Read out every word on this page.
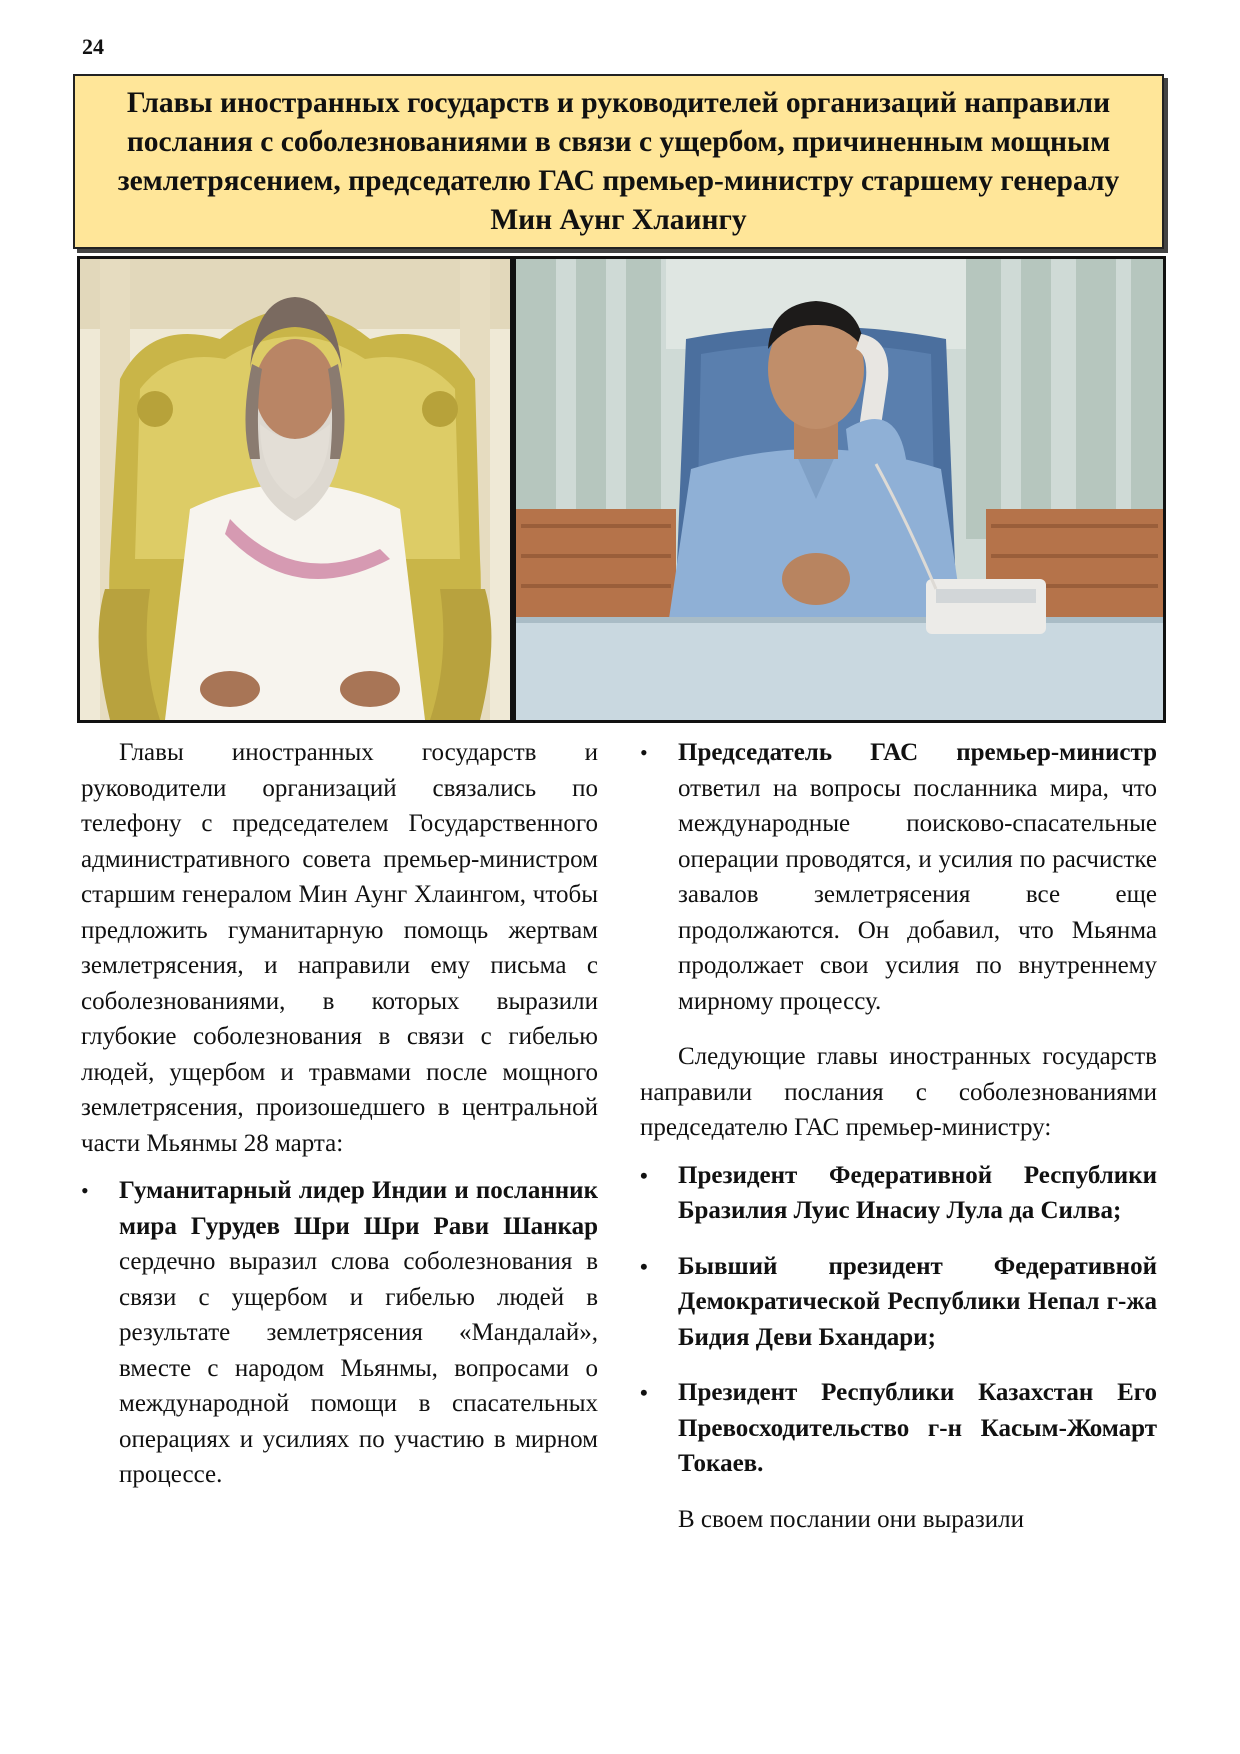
24
Главы иностранных государств и руководителей организаций направили послания с соболезнованиями в связи с ущербом, причиненным мощным землетрясением, председателю ГАС премьер-министру старшему генералу Мин Аунг Хлаингу

Главы иностранных государств и руководители организаций связались по телефону с председателем Государственного административного совета премьер-министром старшим генералом Мин Аунг Хлаингом, чтобы предложить гуманитарную помощь жертвам землетрясения, и направили ему письма с соболезнованиями, в которых выразили глубокие соболезнования в связи с гибелью людей, ущербом и травмами после мощного землетрясения, произошедшего в центральной части Мьянмы 28 марта:

• Гуманитарный лидер Индии и посланник мира Гурудев Шри Шри Рави Шанкар сердечно выразил слова соболезнования в связи с ущербом и гибелью людей в результате землетрясения «Мандалай», вместе с народом Мьянмы, вопросами о международной помощи в спасательных операциях и усилиях по участию в мирном процессе.
• Председатель ГАС премьер-министр ответил на вопросы посланника мира, что международные поисково-спасательные операции проводятся, и усилия по расчистке завалов землетрясения все еще продолжаются. Он добавил, что Мьянма продолжает свои усилия по внутреннему мирному процессу.

Следующие главы иностранных государств направили послания с соболезнованиями председателю ГАС премьер-министру:

• Президент Федеративной Республики Бразилия Луис Инасиу Лула да Силва;
• Бывший президент Федеративной Демократической Республики Непал г-жа Бидия Деви Бхандари;
• Президент Республики Казахстан Его Превосходительство г-н Касым-Жомарт Токаев.

В своем послании они выразили
